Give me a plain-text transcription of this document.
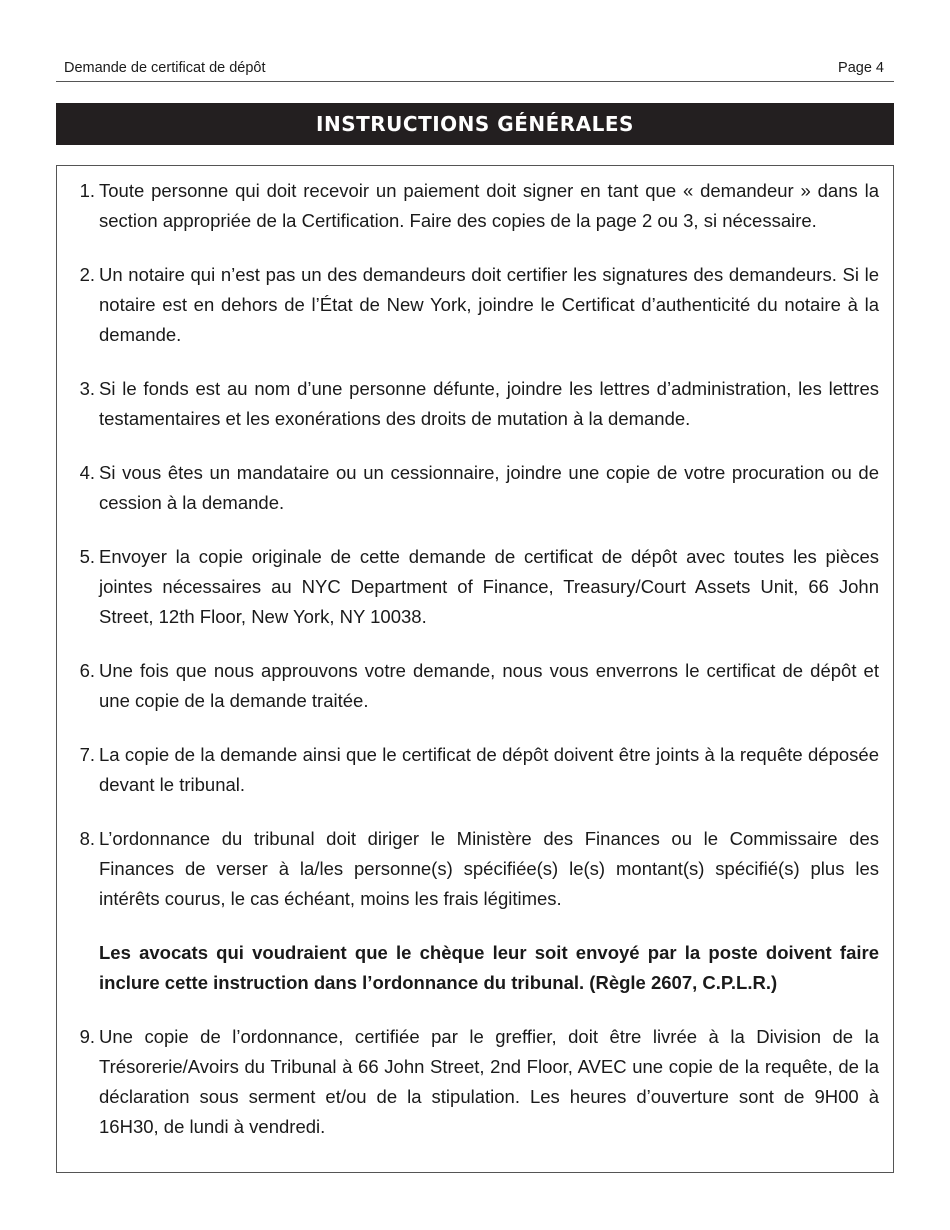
Demande de certificat de dépôt	Page 4
INSTRUCTIONS GÉNÉRALES
1. Toute personne qui doit recevoir un paiement doit signer en tant que « demandeur » dans la section appropriée de la Certification. Faire des copies de la page 2 ou 3, si nécessaire.
2. Un notaire qui n’est pas un des demandeurs doit certifier les signatures des demandeurs. Si le notaire est en dehors de l’État de New York, joindre le Certificat d’authenticité du notaire à la demande.
3. Si le fonds est au nom d’une personne défunte, joindre les lettres d’administration, les lettres testamentaires et les exonérations des droits de mutation à la demande.
4. Si vous êtes un mandataire ou un cessionnaire, joindre une copie de votre procuration ou de cession à la demande.
5. Envoyer la copie originale de cette demande de certificat de dépôt avec toutes les pièces jointes nécessaires au NYC Department of Finance, Treasury/Court Assets Unit, 66 John Street, 12th Floor, New York, NY 10038.
6. Une fois que nous approuvons votre demande, nous vous enverrons le certificat de dépôt et une copie de la demande traitée.
7. La copie de la demande ainsi que le certificat de dépôt doivent être joints à la requête déposée devant le tribunal.
8. L’ordonnance du tribunal doit diriger le Ministère des Finances ou le Commissaire des Finances de verser à la/les personne(s) spécifiée(s) le(s) montant(s) spécifié(s) plus les intérêts courus, le cas échéant, moins les frais légitimes.
Les avocats qui voudraient que le chèque leur soit envoyé par la poste doivent faire inclure cette instruction dans l’ordonnance du tribunal. (Règle 2607, C.P.L.R.)
9. Une copie de l’ordonnance, certifiée par le greffier, doit être livrée à la Division de la Trésorerie/Avoirs du Tribunal à 66 John Street, 2nd Floor, AVEC une copie de la requête, de la déclaration sous serment et/ou de la stipulation. Les heures d’ouverture sont de 9H00 à 16H30, de lundi à vendredi.
